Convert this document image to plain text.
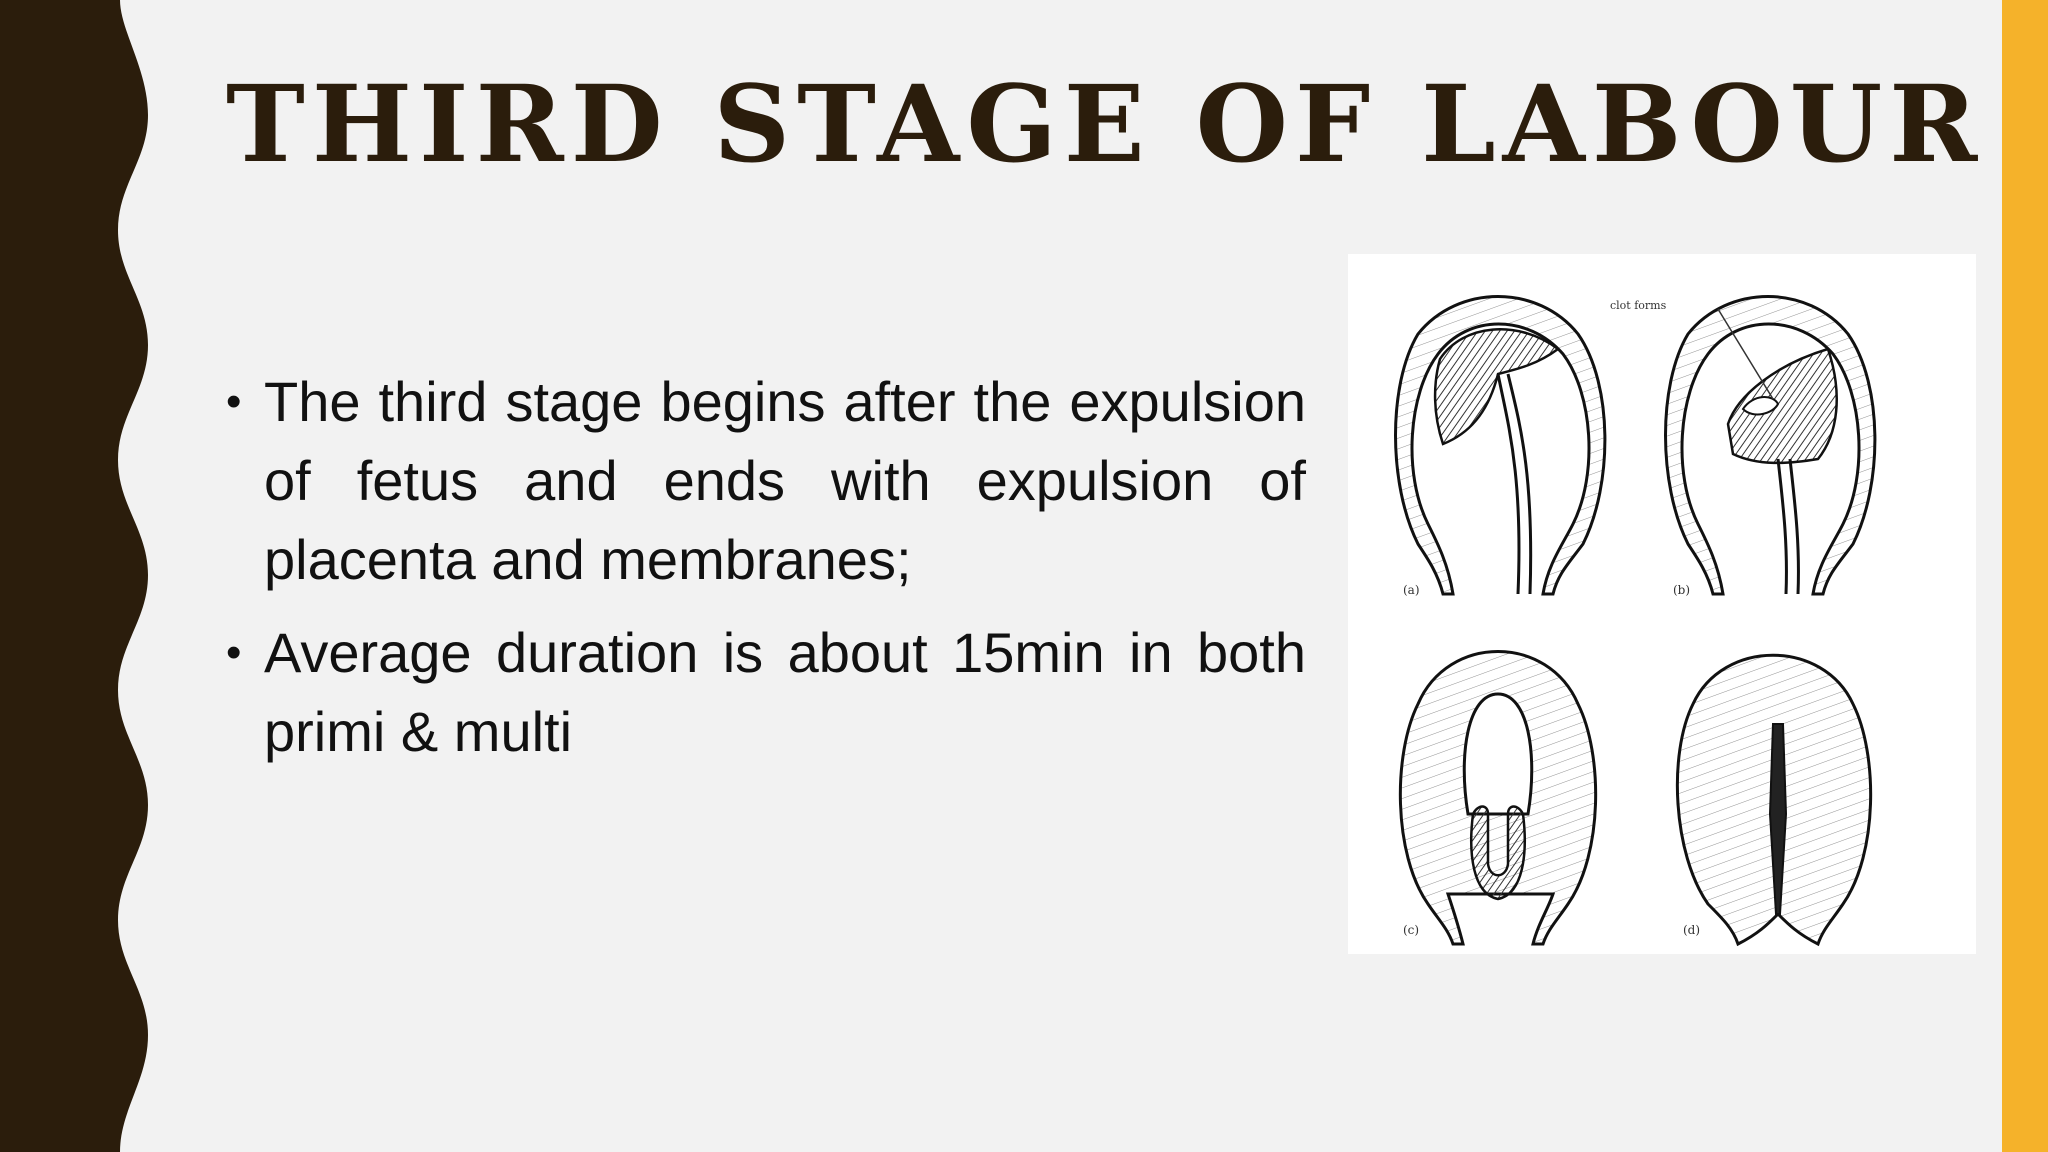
THIRD STAGE OF LABOUR
• The third stage begins after the expulsion of fetus and ends with expulsion of placenta and membranes;
• Average duration is about 15min in both primi & multi
(a)
clot forms
(b)
(c)	(d)
